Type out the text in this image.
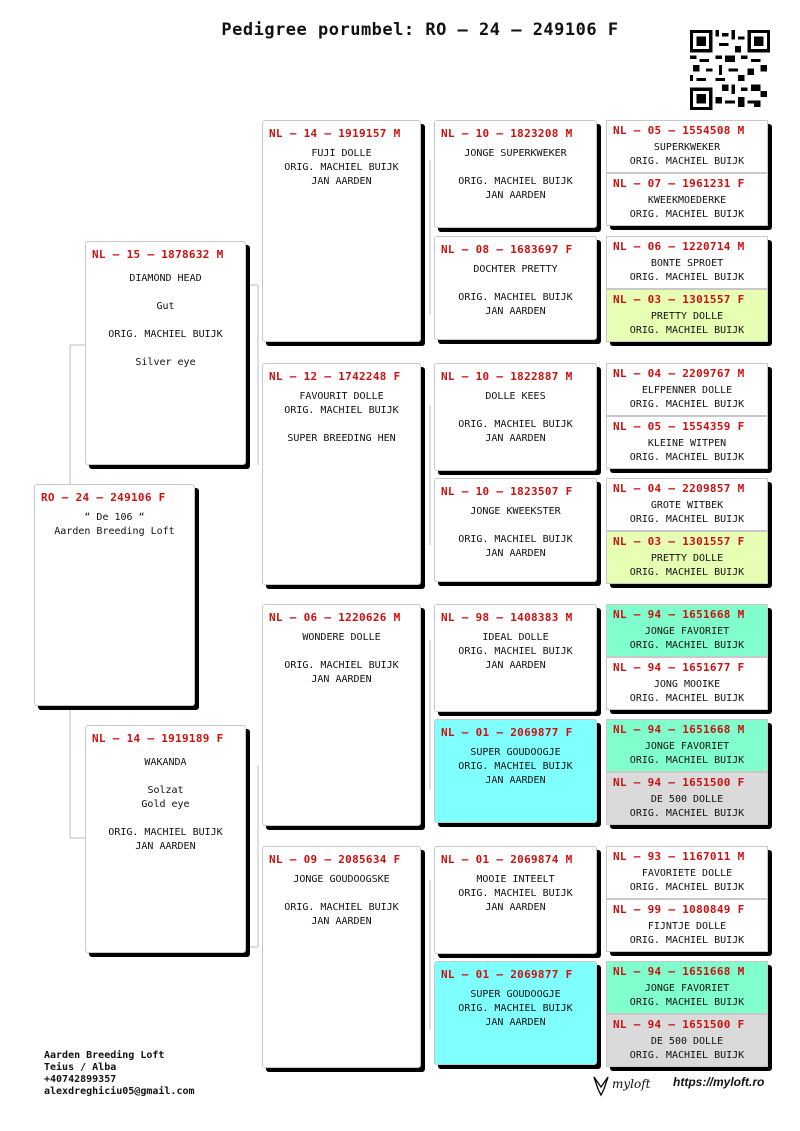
Pedigree porumbel: RO – 24 – 249106 F
RO – 24 – 249106 F
“ De 106 “
Aarden Breeding Loft
NL – 15 – 1878632 M
DIAMOND HEAD
Gut
ORIG. MACHIEL BUIJK
Silver eye
NL – 14 – 1919189 F
WAKANDA
Solzat
Gold eye
ORIG. MACHIEL BUIJK
JAN AARDEN
NL – 14 – 1919157 M
FUJI DOLLE
ORIG. MACHIEL BUIJK
JAN AARDEN
NL – 12 – 1742248 F
FAVOURIT DOLLE
ORIG. MACHIEL BUIJK
SUPER BREEDING HEN
NL – 06 – 1220626 M
WONDERE DOLLE
ORIG. MACHIEL BUIJK
JAN AARDEN
NL – 09 – 2085634 F
JONGE GOUDOOGSKE
ORIG. MACHIEL BUIJK
JAN AARDEN
NL – 10 – 1823208 M
JONGE SUPERKWEKER
ORIG. MACHIEL BUIJK
JAN AARDEN
NL – 08 – 1683697 F
DOCHTER PRETTY
ORIG. MACHIEL BUIJK
JAN AARDEN
NL – 10 – 1822887 M
DOLLE KEES
ORIG. MACHIEL BUIJK
JAN AARDEN
NL – 10 – 1823507 F
JONGE KWEEKSTER
ORIG. MACHIEL BUIJK
JAN AARDEN
NL – 98 – 1408383 M
IDEAL DOLLE
ORIG. MACHIEL BUIJK
JAN AARDEN
NL – 01 – 2069877 F
SUPER GOUDOOGJE
ORIG. MACHIEL BUIJK
JAN AARDEN
NL – 01 – 2069874 M
MOOIE INTEELT
ORIG. MACHIEL BUIJK
JAN AARDEN
NL – 01 – 2069877 F
SUPER GOUDOOGJE
ORIG. MACHIEL BUIJK
JAN AARDEN
NL – 05 – 1554508 M
SUPERKWEKER
ORIG. MACHIEL BUIJK
NL – 07 – 1961231 F
KWEEKMOEDERKE
ORIG. MACHIEL BUIJK
NL – 06 – 1220714 M
BONTE SPROET
ORIG. MACHIEL BUIJK
NL – 03 – 1301557 F
PRETTY DOLLE
ORIG. MACHIEL BUIJK
NL – 04 – 2209767 M
ELFPENNER DOLLE
ORIG. MACHIEL BUIJK
NL – 05 – 1554359 F
KLEINE WITPEN
ORIG. MACHIEL BUIJK
NL – 04 – 2209857 M
GROTE WITBEK
ORIG. MACHIEL BUIJK
NL – 03 – 1301557 F
PRETTY DOLLE
ORIG. MACHIEL BUIJK
NL – 94 – 1651668 M
JONGE FAVORIET
ORIG. MACHIEL BUIJK
NL – 94 – 1651677 F
JONG MOOIKE
ORIG. MACHIEL BUIJK
NL – 94 – 1651668 M
JONGE FAVORIET
ORIG. MACHIEL BUIJK
NL – 94 – 1651500 F
DE 500 DOLLE
ORIG. MACHIEL BUIJK
NL – 93 – 1167011 M
FAVORIETE DOLLE
ORIG. MACHIEL BUIJK
NL – 99 – 1080849 F
FIJNTJE DOLLE
ORIG. MACHIEL BUIJK
NL – 94 – 1651668 M
JONGE FAVORIET
ORIG. MACHIEL BUIJK
NL – 94 – 1651500 F
DE 500 DOLLE
ORIG. MACHIEL BUIJK
Aarden Breeding Loft
Teius / Alba
+40742899357
alexdreghiciu05@gmail.com
myloft https://myloft.ro
